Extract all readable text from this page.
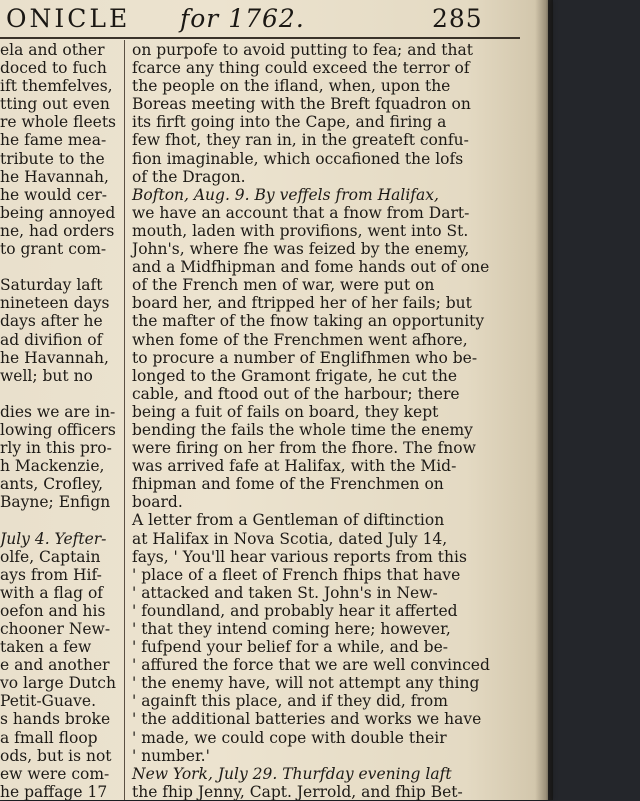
ONICLE for 1762.	285
ela and other
doced to fuch
ift themfelves,
tting out even
re whole fleets
he fame mea-
tribute to the
he Havannah,
he would cer-
being annoyed
ne, had orders
to grant com-
Saturday laft
nineteen days
days after he
ad divifion of
he Havannah,
well; but no
dies we are in-
lowing officers
rly in this pro-
h Mackenzie,
ants, Crofley,
Bayne; Enfign
July 4. Yefter-
olfe, Captain
ays from Hif-
with a flag of
oefon and his
chooner New-
taken a few
e and another
vo large Dutch
Petit-Guave.
s hands broke
a fmall floop
ods, but is not
ew were com-
he paffage 17
on purpofe to avoid putting to fea; and that
fcarce any thing could exceed the terror of
the people on the ifland, when, upon the
Boreas meeting with the Breft fquadron on
its firft going into the Cape, and firing a
few fhot, they ran in, in the greateft confu-
fion imaginable, which occafioned the lofs
of the Dragon.
Bofton, Aug. 9. By veffels from Halifax,
we have an account that a fnow from Dart-
mouth, laden with provifions, went into St.
John's, where fhe was feized by the enemy,
and a Midfhipman and fome hands out of one
of the French men of war, were put on
board her, and ftripped her of her fails; but
the mafter of the fnow taking an opportunity
when fome of the Frenchmen went afhore,
to procure a number of Englifhmen who be-
longed to the Gramont frigate, he cut the
cable, and ftood out of the harbour; there
being a fuit of fails on board, they kept
bending the fails the whole time the enemy
were firing on her from the fhore. The fnow
was arrived fafe at Halifax, with the Mid-
fhipman and fome of the Frenchmen on
board.
A letter from a Gentleman of diftinction
at Halifax in Nova Scotia, dated July 14,
fays, ' You'll hear various reports from this
' place of a fleet of French fhips that have
' attacked and taken St. John's in New-
' foundland, and probably hear it afferted
' that they intend coming here; however,
' fufpend your belief for a while, and be-
' affured the force that we are well convinced
' the enemy have, will not attempt any thing
' againft this place, and if they did, from
' the additional batteries and works we have
' made, we could cope with double their
' number.'
New York, July 29. Thurfday evening laft
the fhip Jenny, Capt. Jerrold, and fhip Bet-
